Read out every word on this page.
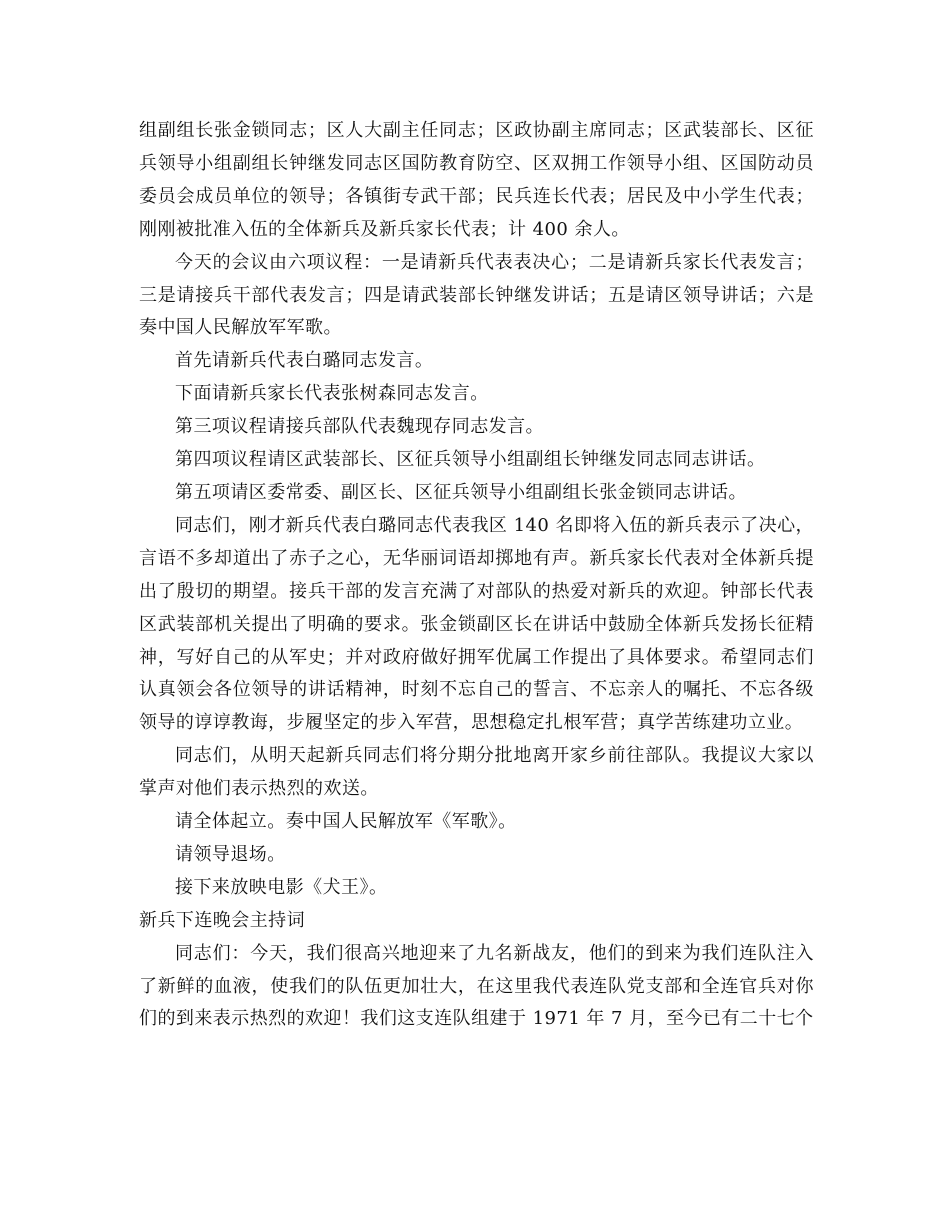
组副组长张金锁同志；区人大副主任同志；区政协副主席同志；区武装部长、区征兵领导小组副组长钟继发同志区国防教育防空、区双拥工作领导小组、区国防动员委员会成员单位的领导；各镇街专武干部；民兵连长代表；居民及中小学生代表；刚刚被批准入伍的全体新兵及新兵家长代表；计 400 余人。

今天的会议由六项议程：一是请新兵代表表决心；二是请新兵家长代表发言；三是请接兵干部代表发言；四是请武装部长钟继发讲话；五是请区领导讲话；六是奏中国人民解放军军歌。

首先请新兵代表白璐同志发言。

下面请新兵家长代表张树森同志发言。

第三项议程请接兵部队代表魏现存同志发言。

第四项议程请区武装部长、区征兵领导小组副组长钟继发同志同志讲话。

第五项请区委常委、副区长、区征兵领导小组副组长张金锁同志讲话。

同志们，刚才新兵代表白璐同志代表我区 140 名即将入伍的新兵表示了决心，言语不多却道出了赤子之心，无华丽词语却掷地有声。新兵家长代表对全体新兵提出了殷切的期望。接兵干部的发言充满了对部队的热爱对新兵的欢迎。钟部长代表区武装部机关提出了明确的要求。张金锁副区长在讲话中鼓励全体新兵发扬长征精神，写好自己的从军史；并对政府做好拥军优属工作提出了具体要求。希望同志们认真领会各位领导的讲话精神，时刻不忘自己的誓言、不忘亲人的嘱托、不忘各级领导的谆谆教诲，步履坚定的步入军营，思想稳定扎根军营；真学苦练建功立业。

同志们，从明天起新兵同志们将分期分批地离开家乡前往部队。我提议大家以掌声对他们表示热烈的欢送。

请全体起立。奏中国人民解放军《军歌》。

请领导退场。

接下来放映电影《犬王》。

新兵下连晚会主持词

同志们：今天，我们很高兴地迎来了九名新战友，他们的到来为我们连队注入了新鲜的血液，使我们的队伍更加壮大，在这里我代表连队党支部和全连官兵对你们的到来表示热烈的欢迎！我们这支连队组建于 1971 年 7 月，至今已有二十七个
